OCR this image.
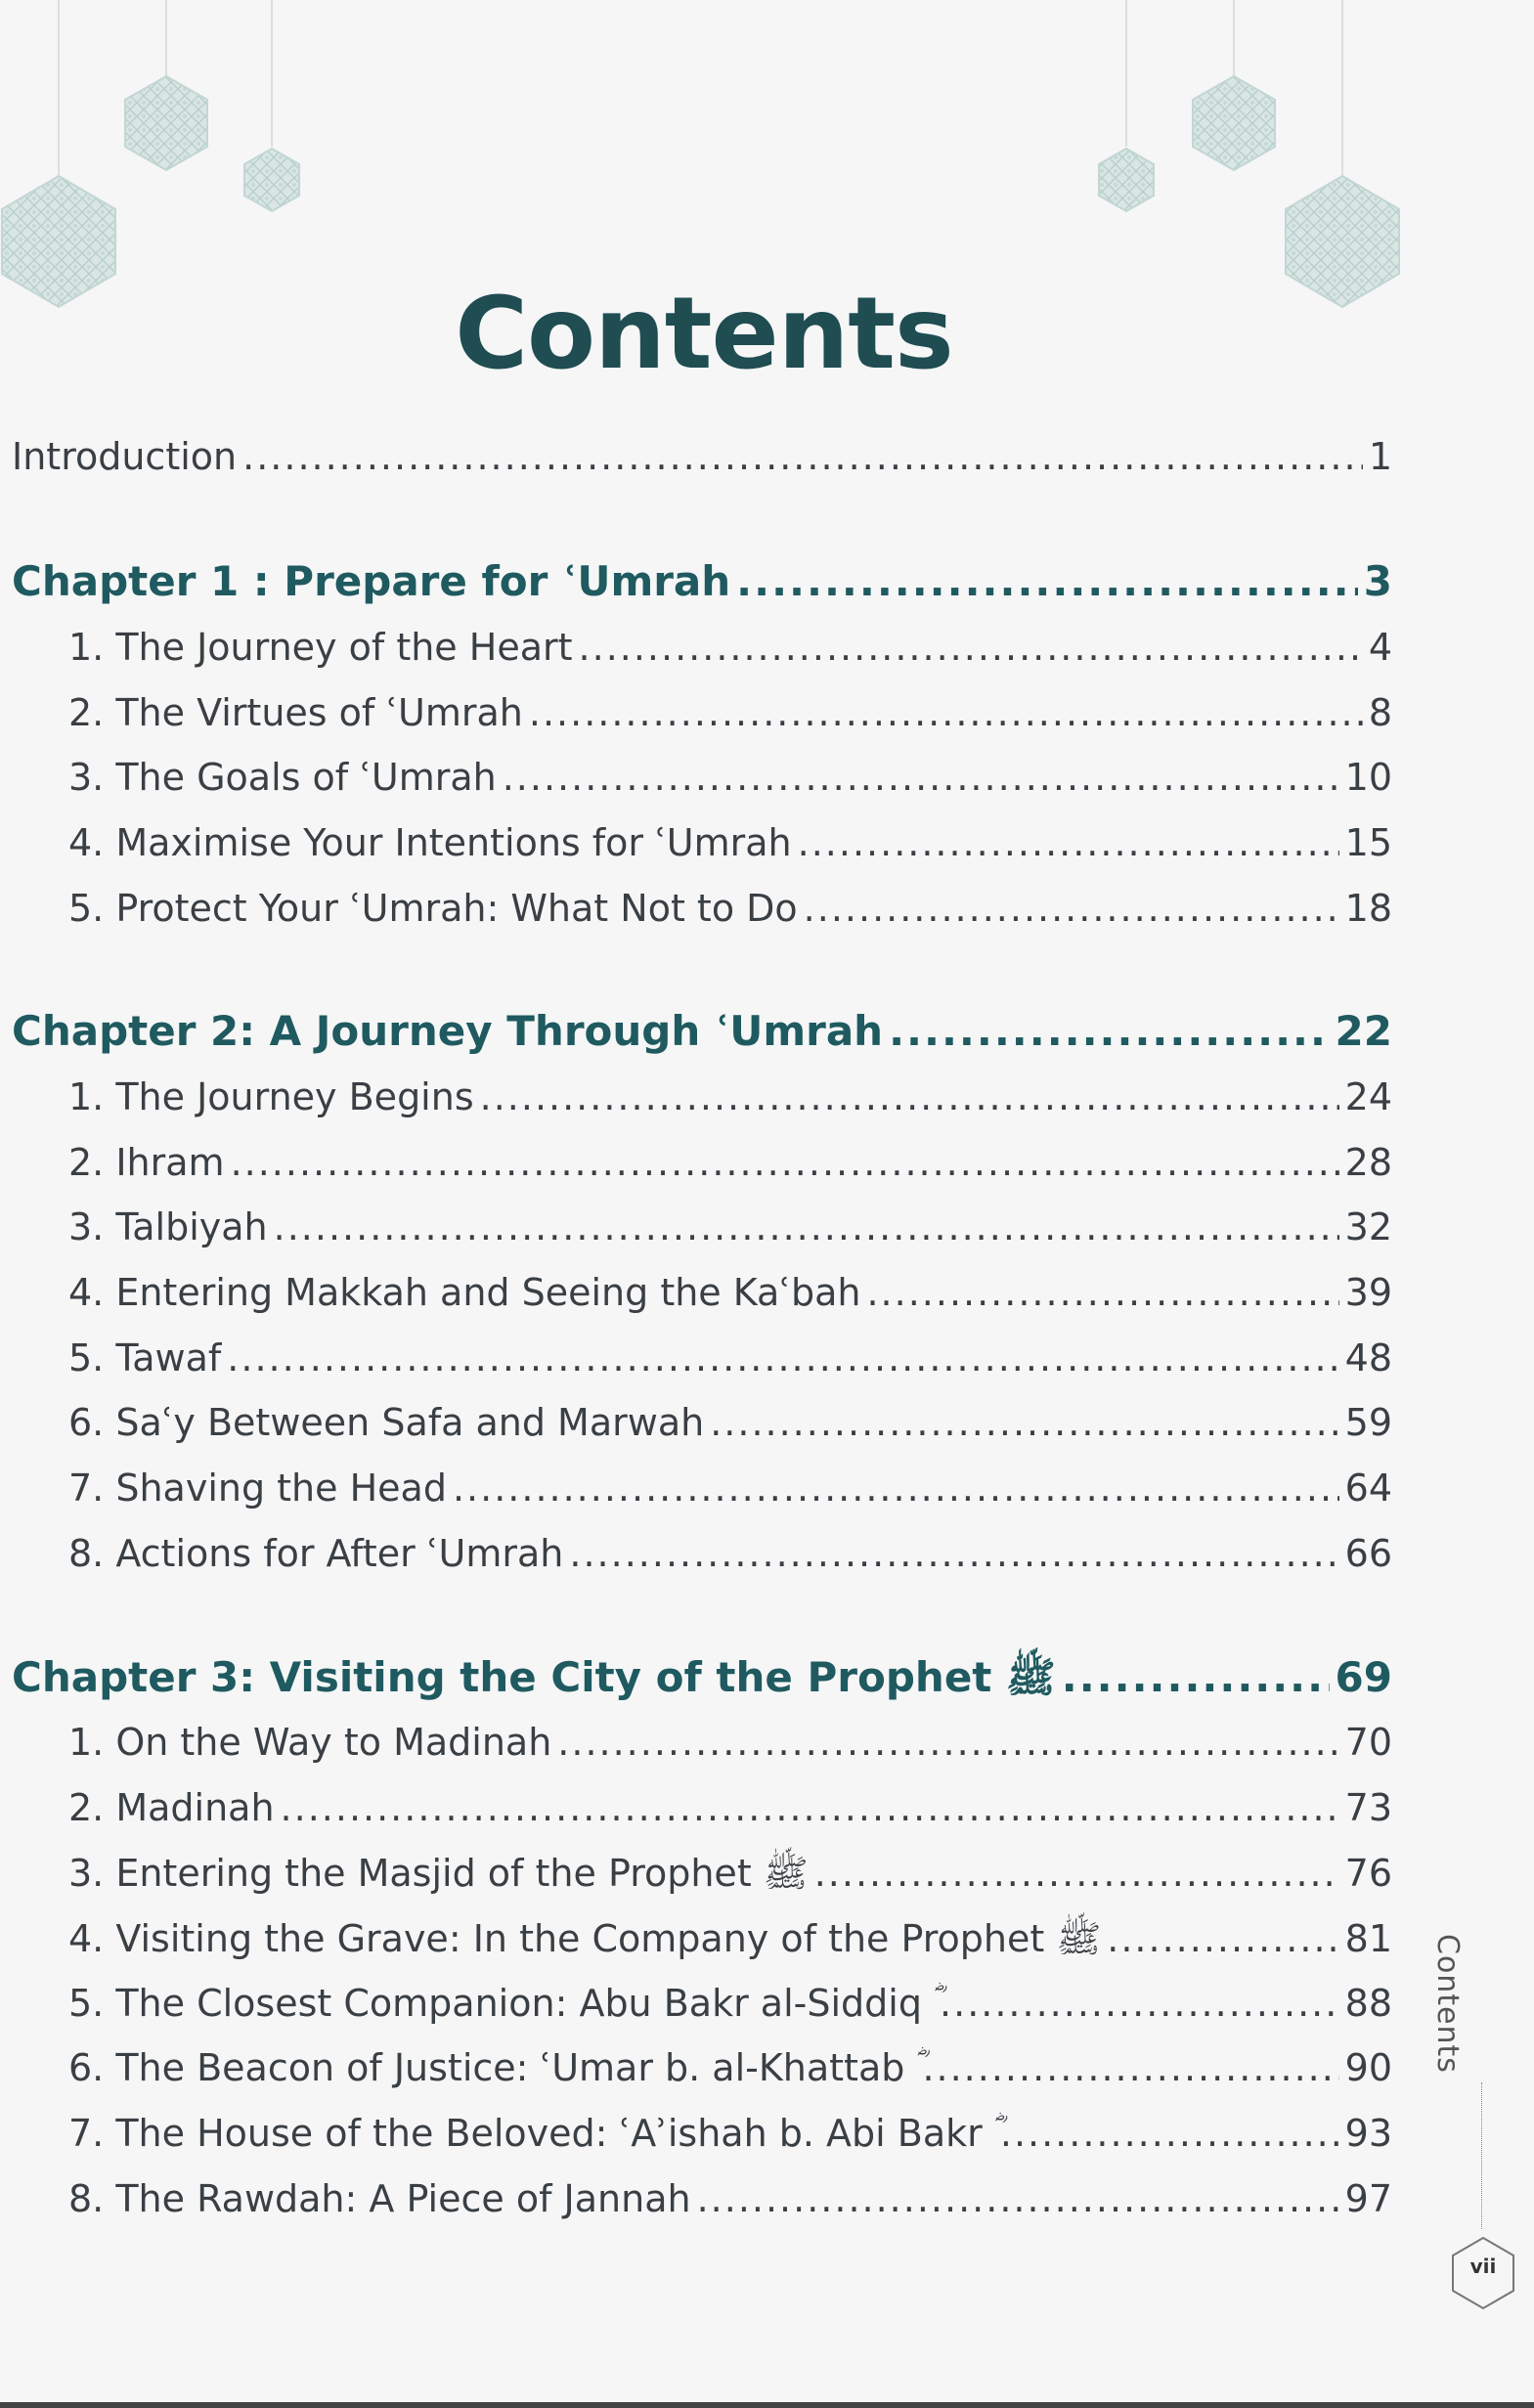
Contents
Introduction .....	1
Chapter 1 : Prepare for ʿUmrah .....	3
1. The Journey of the Heart .....	4
2. The Virtues of ʿUmrah .....	8
3. The Goals of ʿUmrah .....	10
4. Maximise Your Intentions for ʿUmrah .....	15
5. Protect Your ʿUmrah: What Not to Do .....	18
Chapter 2: A Journey Through ʿUmrah .....	22
1. The Journey Begins .....	24
2. Ihram .....	28
3. Talbiyah .....	32
4. Entering Makkah and Seeing the Kaʿbah .....	39
5. Tawaf .....	48
6. Saʿy Between Safa and Marwah .....	59
7. Shaving the Head .....	64
8. Actions for After ʿUmrah .....	66
Chapter 3: Visiting the City of the Prophet ﷺ .....	69
1. On the Way to Madinah .....	70
2. Madinah .....	73
3. Entering the Masjid of the Prophet ﷺ .....	76
4. Visiting the Grave: In the Company of the Prophet ﷺ .....	81
5. The Closest Companion: Abu Bakr al-Siddiq ؓ .....	88
6. The Beacon of Justice: ʿUmar b. al-Khattab ؓ .....	90
7. The House of the Beloved: ʿAʾishah b. Abi Bakr ؓ .....	93
8. The Rawdah: A Piece of Jannah .....	97
Contents
vii
